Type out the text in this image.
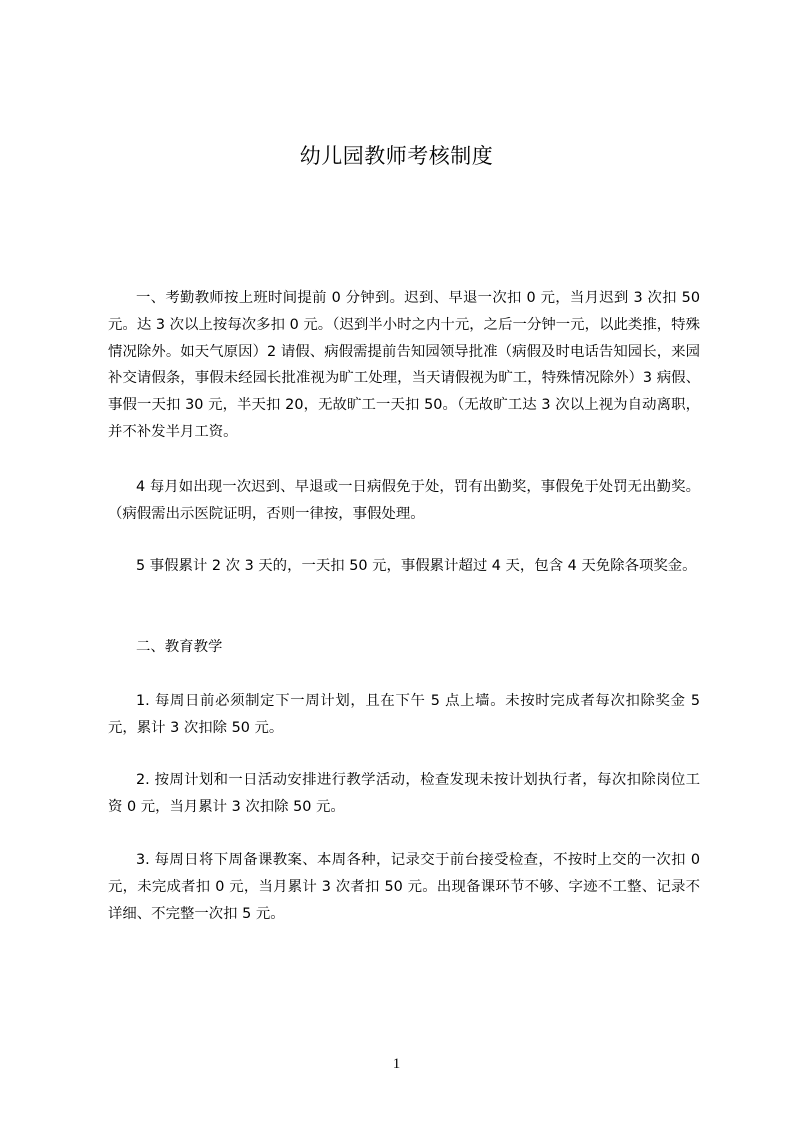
幼儿园教师考核制度

一、考勤教师按上班时间提前 0 分钟到。迟到、早退一次扣 0 元，当月迟到 3 次扣 50 元。达 3 次以上按每次多扣 0 元。（迟到半小时之内十元，之后一分钟一元，以此类推，特殊情况除外。如天气原因）2 请假、病假需提前告知园领导批准（病假及时电话告知园长，来园补交请假条，事假未经园长批准视为旷工处理，当天请假视为旷工，特殊情况除外）3 病假、事假一天扣 30 元，半天扣 20，无故旷工一天扣 50。（无故旷工达 3 次以上视为自动离职，并不补发半月工资。

4 每月如出现一次迟到、早退或一日病假免于处，罚有出勤奖，事假免于处罚无出勤奖。（病假需出示医院证明，否则一律按，事假处理。

5 事假累计 2 次 3 天的，一天扣 50 元，事假累计超过 4 天，包含 4 天免除各项奖金。

二、教育教学

1. 每周日前必须制定下一周计划，且在下午 5 点上墙。未按时完成者每次扣除奖金 5 元，累计 3 次扣除 50 元。

2. 按周计划和一日活动安排进行教学活动，检查发现未按计划执行者，每次扣除岗位工资 0 元，当月累计 3 次扣除 50 元。

3. 每周日将下周备课教案、本周各种，记录交于前台接受检查，不按时上交的一次扣 0 元，未完成者扣 0 元，当月累计 3 次者扣 50 元。出现备课环节不够、字迹不工整、记录不详细、不完整一次扣 5 元。

1
